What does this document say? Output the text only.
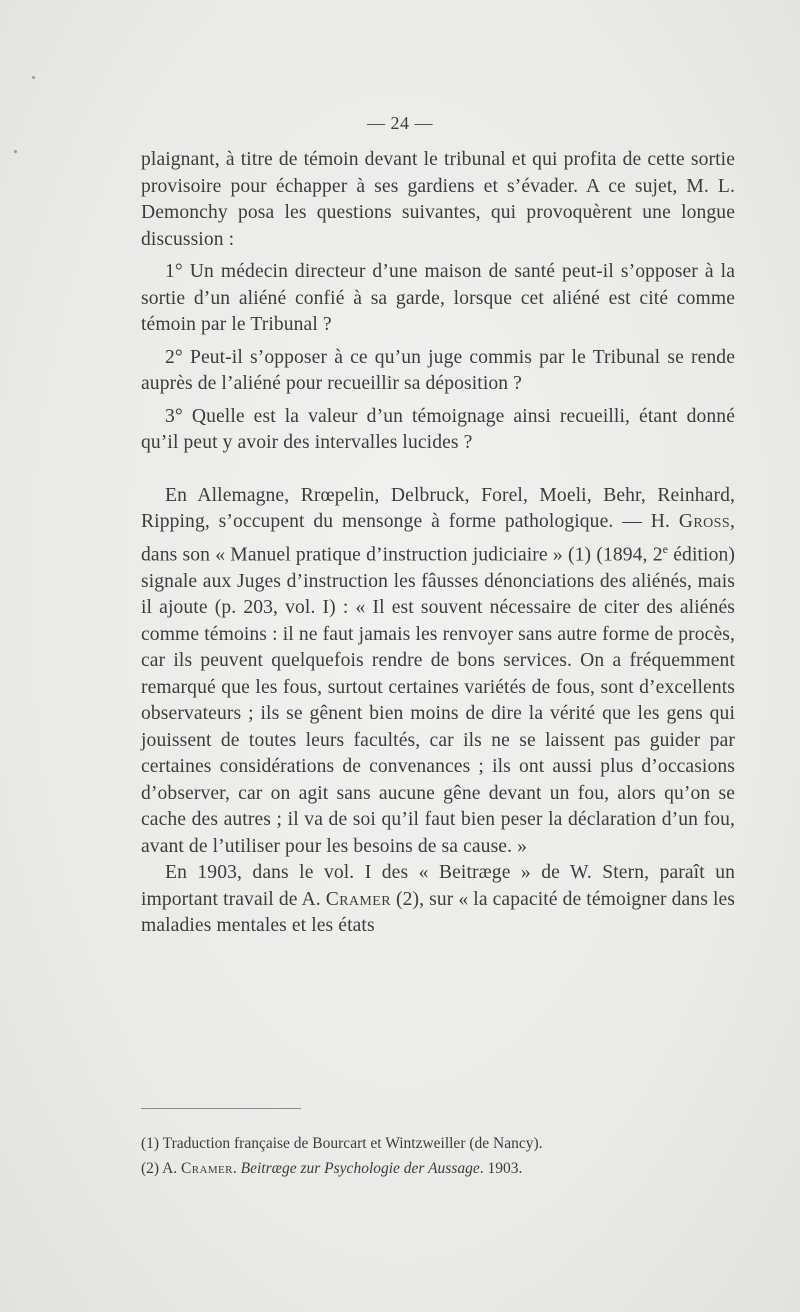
— 24 —

plaignant, à titre de témoin devant le tribunal et qui profita de cette sortie provisoire pour échapper à ses gardiens et s’évader. A ce sujet, M. L. Demonchy posa les questions suivantes, qui provoquèrent une longue discussion :

1° Un médecin directeur d’une maison de santé peut-il s’opposer à la sortie d’un aliéné confié à sa garde, lorsque cet aliéné est cité comme témoin par le Tribunal ?

2° Peut-il s’opposer à ce qu’un juge commis par le Tribunal se rende auprès de l’aliéné pour recueillir sa déposition ?

3° Quelle est la valeur d’un témoignage ainsi recueilli, étant donné qu’il peut y avoir des intervalles lucides ?

En Allemagne, Rrœpelin, Delbruck, Forel, Moeli, Behr, Reinhard, Ripping, s’occupent du mensonge à forme pathologique. — H. Gross, dans son « Manuel pratique d’instruction judiciaire » (1) (1894, 2e édition) signale aux Juges d’instruction les fâusses dénonciations des aliénés, mais il ajoute (p. 203, vol. I) : « Il est souvent nécessaire de citer des aliénés comme témoins : il ne faut jamais les renvoyer sans autre forme de procès, car ils peuvent quelquefois rendre de bons services. On a fréquemment remarqué que les fous, surtout certaines variétés de fous, sont d’excellents observateurs ; ils se gênent bien moins de dire la vérité que les gens qui jouissent de toutes leurs facultés, car ils ne se laissent pas guider par certaines considérations de convenances ; ils ont aussi plus d’occasions d’observer, car on agit sans aucune gêne devant un fou, alors qu’on se cache des autres ; il va de soi qu’il faut bien peser la déclaration d’un fou, avant de l’utiliser pour les besoins de sa cause. »

En 1903, dans le vol. I des « Beitræge » de W. Stern, paraît un important travail de A. Cramer (2), sur « la capacité de témoigner dans les maladies mentales et les états

(1) Traduction française de Bourcart et Wintzweiller (de Nancy).

(2) A. Cramer. Beitræge zur Psychologie der Aussage. 1903.
